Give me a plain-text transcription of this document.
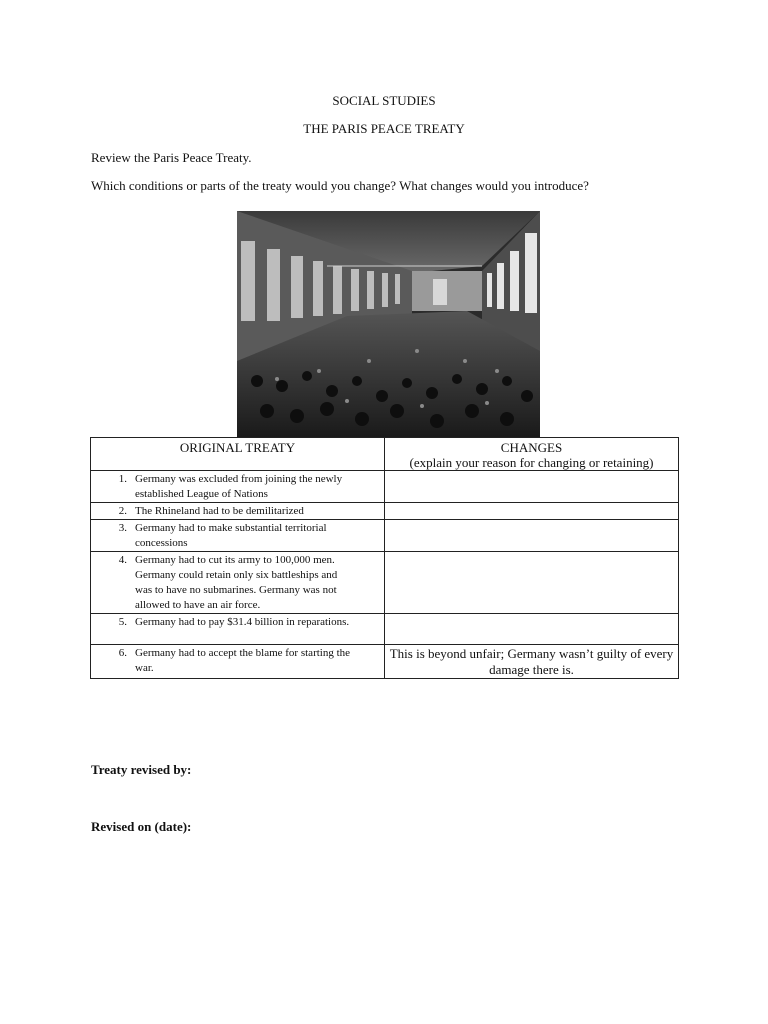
SOCIAL STUDIES
THE PARIS PEACE TREATY
Review the Paris Peace Treaty.
Which conditions or parts of the treaty would you change? What changes would you introduce?
ORIGINAL TREATY	CHANGES
(explain your reason for changing or retaining)

1. Germany was excluded from joining the newly established League of Nations	

2. The Rhineland had to be demilitarized	

3. Germany had to make substantial territorial concessions	

4. Germany had to cut its army to 100,000 men. Germany could retain only six battleships and was to have no submarines. Germany was not allowed to have an air force.	

5. Germany had to pay $31.4 billion in reparations.	

6. Germany had to accept the blame for starting the war.	This is beyond unfair; Germany wasn’t guilty of every damage there is.
Treaty revised by:
Revised on (date):
